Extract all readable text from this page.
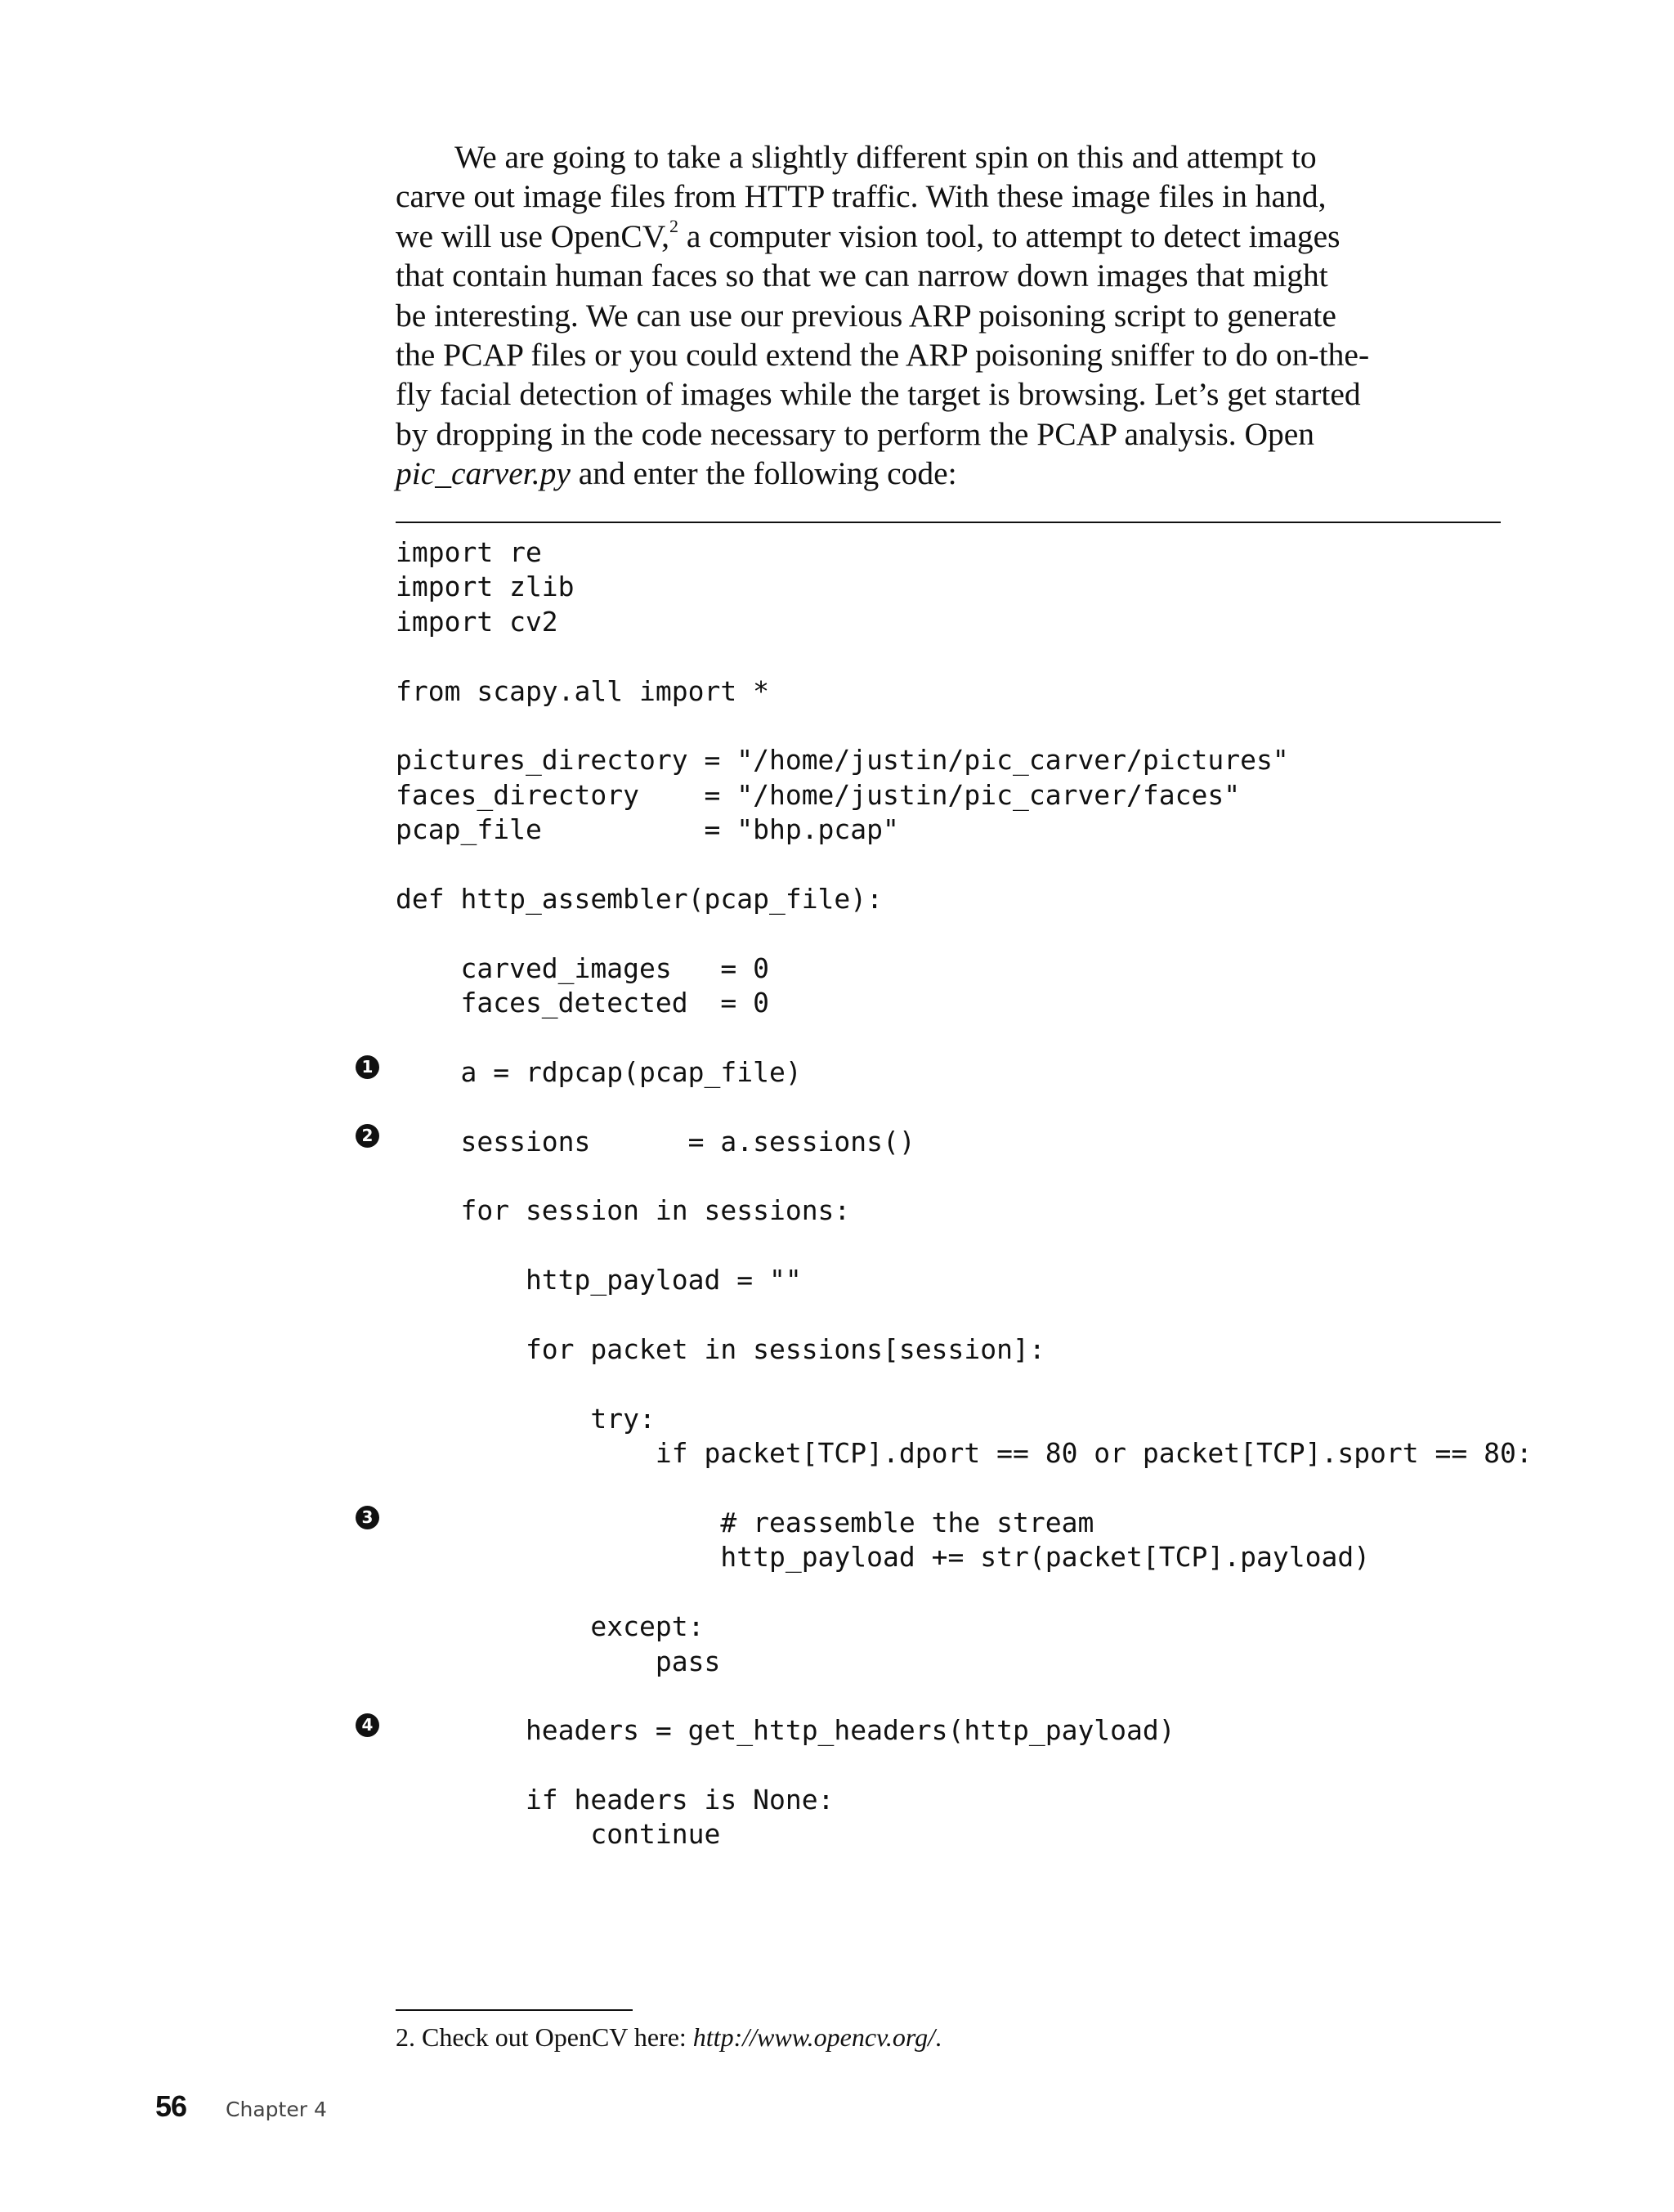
We are going to take a slightly different spin on this and attempt to
carve out image files from HTTP traffic. With these image files in hand,
we will use OpenCV,$^2$ a computer vision tool, to attempt to detect images
that contain human faces so that we can narrow down images that might
be interesting. We can use our previous ARP poisoning script to generate
the PCAP files or you could extend the ARP poisoning sniffer to do on-the-
fly facial detection of images while the target is browsing. Let’s get started
by dropping in the code necessary to perform the PCAP analysis. Open
pic_carver.py and enter the following code:

import re
import zlib
import cv2
from scapy.all import *
pictures_directory = "/home/justin/pic_carver/pictures"
faces_directory    = "/home/justin/pic_carver/faces"
pcap_file          = "bhp.pcap"
def http_assembler(pcap_file):
carved_images   = 0
faces_detected  = 0
a = rdpcap(pcap_file)
sessions      = a.sessions()
for session in sessions:
http_payload = ""
for packet in sessions[session]:
try:
if packet[TCP].dport == 80 or packet[TCP].sport == 80:
# reassemble the stream
http_payload += str(packet[TCP].payload)
except:
pass
headers = get_http_headers(http_payload)
if headers is None:
continue
1
2
3
4

2. Check out OpenCV here: http://www.opencv.org/.

56 Chapter 4
